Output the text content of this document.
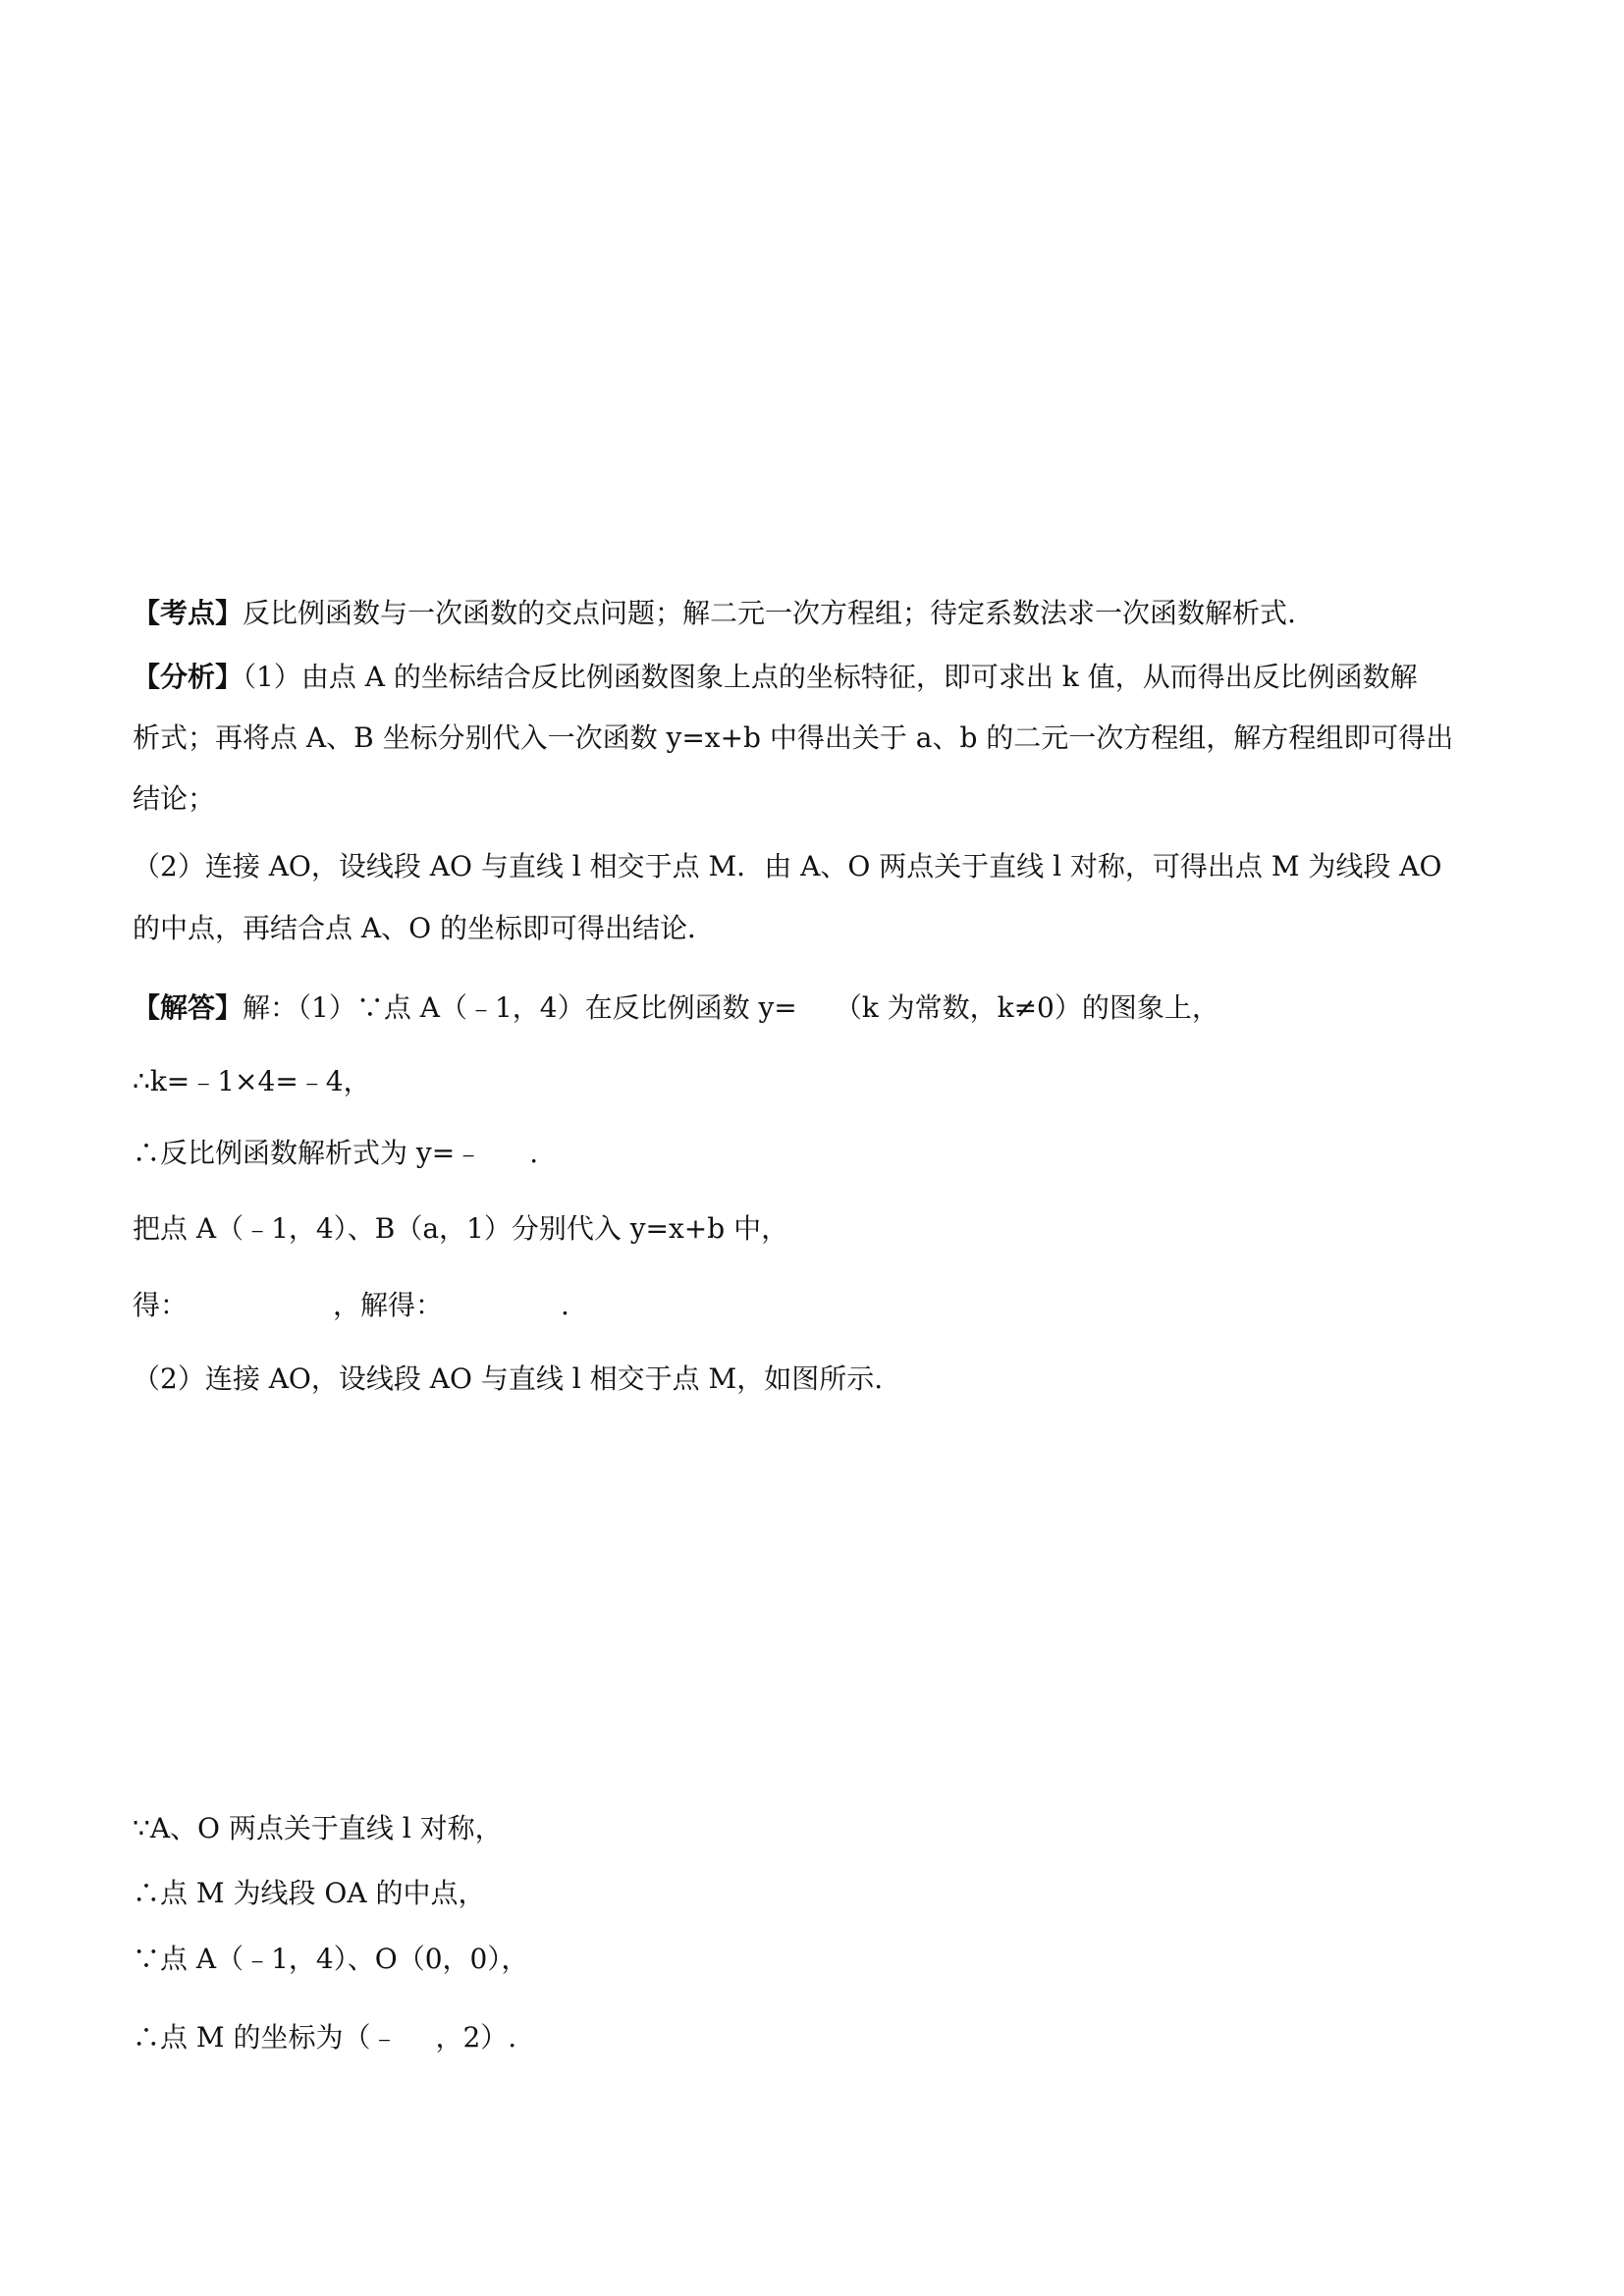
【考点】反比例函数与一次函数的交点问题；解二元一次方程组；待定系数法求一次函数解析式.

【分析】（1）由点 A 的坐标结合反比例函数图象上点的坐标特征，即可求出 k 值，从而得出反比例函数解

析式；再将点 A、B 坐标分别代入一次函数 y=x+b 中得出关于 a、b 的二元一次方程组，解方程组即可得出

结论；

（2）连接 AO，设线段 AO 与直线 l 相交于点 M．由 A、O 两点关于直线 l 对称，可得出点 M 为线段 AO

的中点，再结合点 A、O 的坐标即可得出结论．

【解答】解：（1）∵点 A（﹣1，4）在反比例函数 y= （k 为常数，k≠0）的图象上，

∴k=﹣1×4=﹣4，

∴反比例函数解析式为 y=﹣ .

把点 A（﹣1，4）、B（a，1）分别代入 y=x+b 中，

得：	，解得：	.

（2）连接 AO，设线段 AO 与直线 l 相交于点 M，如图所示.

∵A、O 两点关于直线 l 对称，

∴点 M 为线段 OA 的中点，

∵点 A（﹣1，4）、O（0，0），

∴点 M 的坐标为（﹣ ，2）.
